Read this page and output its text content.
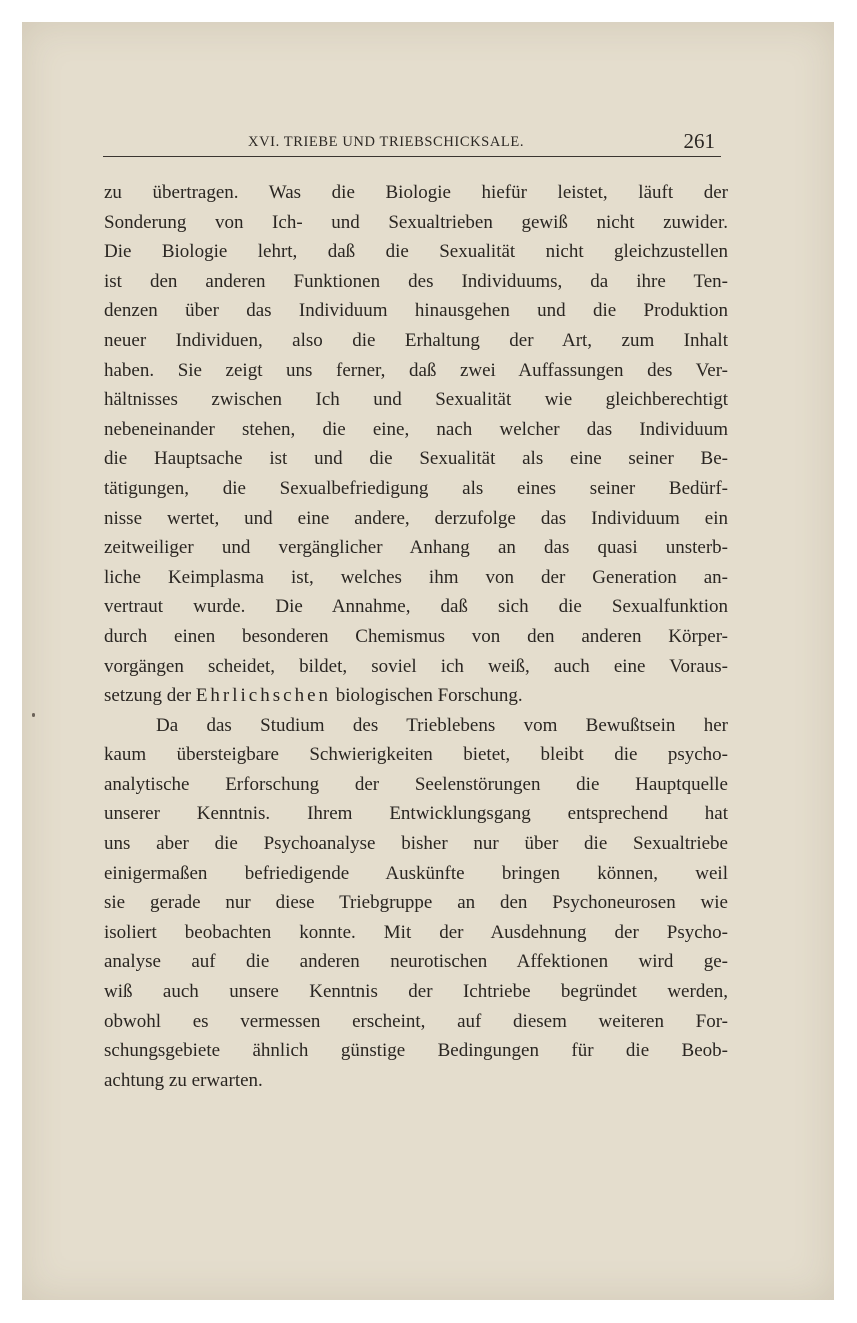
XVI. TRIEBE UND TRIEBSCHICKSALE.	261
zu übertragen. Was die Biologie hiefür leistet, läuft der
Sonderung von Ich- und Sexualtrieben gewiß nicht zuwider.
Die Biologie lehrt, daß die Sexualität nicht gleichzustellen
ist den anderen Funktionen des Individuums, da ihre Ten-
denzen über das Individuum hinausgehen und die Produktion
neuer Individuen, also die Erhaltung der Art, zum Inhalt
haben. Sie zeigt uns ferner, daß zwei Auffassungen des Ver-
hältnisses zwischen Ich und Sexualität wie gleichberechtigt
nebeneinander stehen, die eine, nach welcher das Individuum
die Hauptsache ist und die Sexualität als eine seiner Be-
tätigungen, die Sexualbefriedigung als eines seiner Bedürf-
nisse wertet, und eine andere, derzufolge das Individuum ein
zeitweiliger und vergänglicher Anhang an das quasi unsterb-
liche Keimplasma ist, welches ihm von der Generation an-
vertraut wurde. Die Annahme, daß sich die Sexualfunktion
durch einen besonderen Chemismus von den anderen Körper-
vorgängen scheidet, bildet, soviel ich weiß, auch eine Voraus-
setzung der Ehrlichschen biologischen Forschung.
Da das Studium des Trieblebens vom Bewußtsein her
kaum übersteigbare Schwierigkeiten bietet, bleibt die psycho-
analytische Erforschung der Seelenstörungen die Hauptquelle
unserer Kenntnis. Ihrem Entwicklungsgang entsprechend hat
uns aber die Psychoanalyse bisher nur über die Sexualtriebe
einigermaßen befriedigende Auskünfte bringen können, weil
sie gerade nur diese Triebgruppe an den Psychoneurosen wie
isoliert beobachten konnte. Mit der Ausdehnung der Psycho-
analyse auf die anderen neurotischen Affektionen wird ge-
wiß auch unsere Kenntnis der Ichtriebe begründet werden,
obwohl es vermessen erscheint, auf diesem weiteren For-
schungsgebiete ähnlich günstige Bedingungen für die Beob-
achtung zu erwarten.
